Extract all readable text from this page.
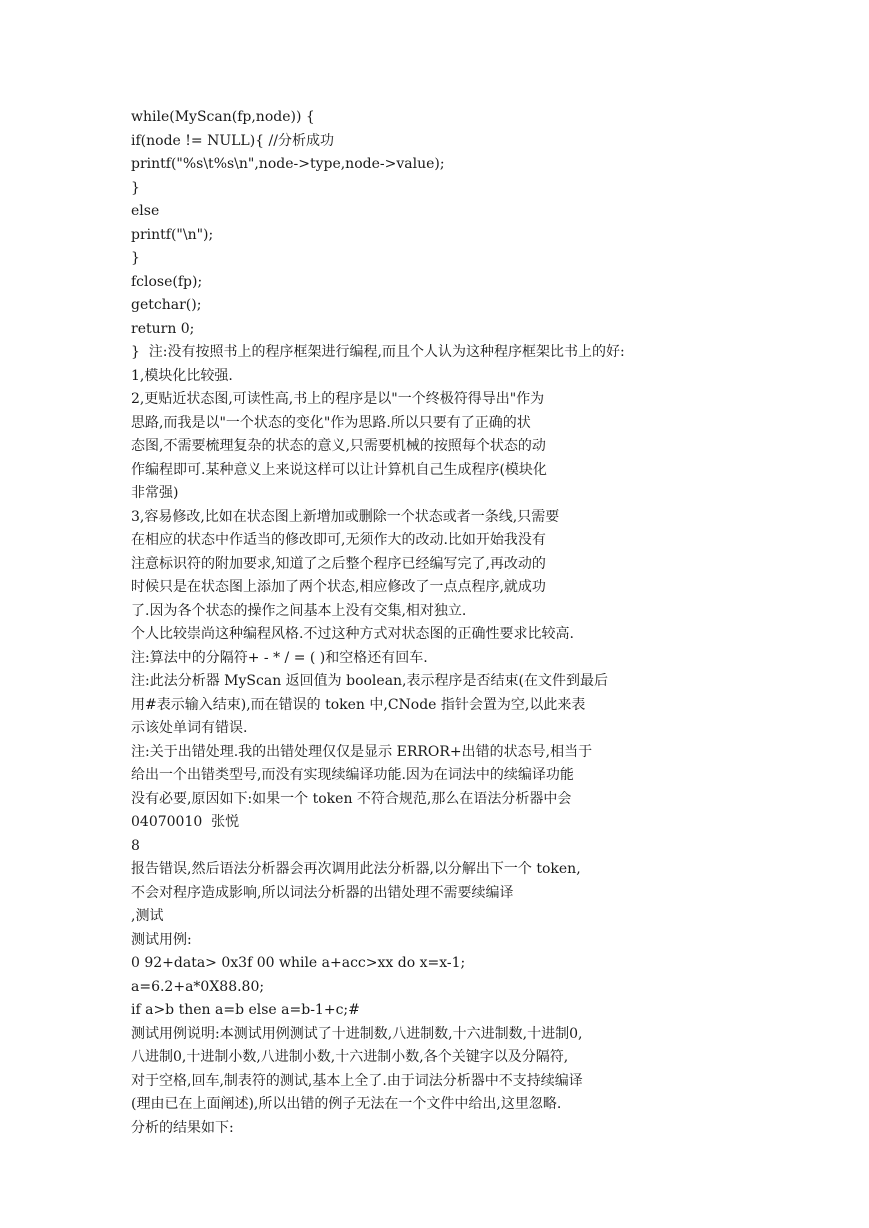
while(MyScan(fp,node)) {
if(node != NULL){ //分析成功
printf("%s\t%s\n",node->type,node->value);
}
else
printf("\n");
}
fclose(fp);
getchar();
return 0;
}  注:没有按照书上的程序框架进行编程,而且个人认为这种程序框架比书上的好:
1,模块化比较强.
2,更贴近状态图,可读性高,书上的程序是以"一个终极符得导出"作为
思路,而我是以"一个状态的变化"作为思路.所以只要有了正确的状
态图,不需要梳理复杂的状态的意义,只需要机械的按照每个状态的动
作编程即可.某种意义上来说这样可以让计算机自己生成程序(模块化
非常强)
3,容易修改,比如在状态图上新增加或删除一个状态或者一条线,只需要
在相应的状态中作适当的修改即可,无须作大的改动.比如开始我没有
注意标识符的附加要求,知道了之后整个程序已经编写完了,再改动的
时候只是在状态图上添加了两个状态,相应修改了一点点程序,就成功
了.因为各个状态的操作之间基本上没有交集,相对独立.
个人比较崇尚这种编程风格.不过这种方式对状态图的正确性要求比较高.
注:算法中的分隔符+ - * / = ( )和空格还有回车.
注:此法分析器 MyScan 返回值为 boolean,表示程序是否结束(在文件到最后
用#表示输入结束),而在错误的 token 中,CNode 指针会置为空,以此来表
示该处单词有错误.
注:关于出错处理.我的出错处理仅仅是显示 ERROR+出错的状态号,相当于
给出一个出错类型号,而没有实现续编译功能.因为在词法中的续编译功能
没有必要,原因如下:如果一个 token 不符合规范,那么在语法分析器中会
04070010  张悦
8
报告错误,然后语法分析器会再次调用此法分析器,以分解出下一个 token,
不会对程序造成影响,所以词法分析器的出错处理不需要续编译
,测试
测试用例:
0 92+data> 0x3f 00 while a+acc>xx do x=x-1;
a=6.2+a*0X88.80;
if a>b then a=b else a=b-1+c;#
测试用例说明:本测试用例测试了十进制数,八进制数,十六进制数,十进制0,
八进制0,十进制小数,八进制小数,十六进制小数,各个关键字以及分隔符,
对于空格,回车,制表符的测试,基本上全了.由于词法分析器中不支持续编译
(理由已在上面阐述),所以出错的例子无法在一个文件中给出,这里忽略.
分析的结果如下:
